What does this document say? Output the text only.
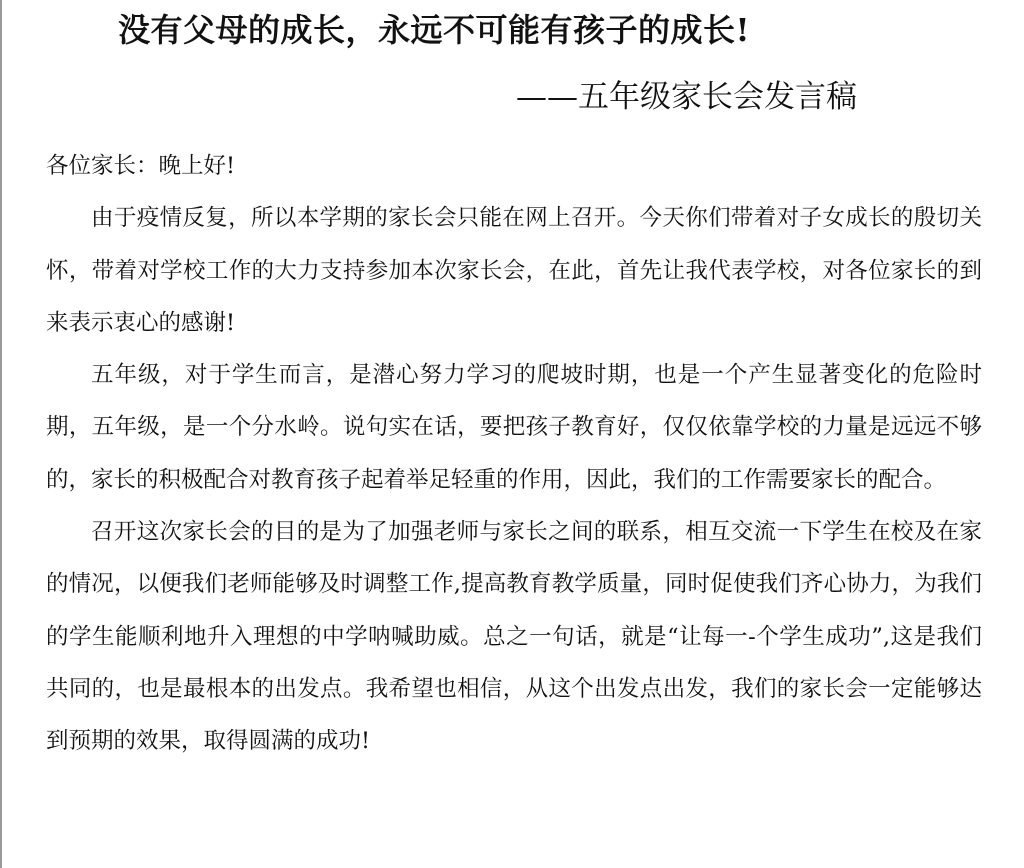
没有父母的成长，永远不可能有孩子的成长!
——五年级家长会发言稿

各位家长：晚上好!

由于疫情反复，所以本学期的家长会只能在网上召开。今天你们带着对子女成长的殷切关怀，带着对学校工作的大力支持参加本次家长会，在此，首先让我代表学校，对各位家长的到来表示衷心的感谢!

五年级，对于学生而言，是潜心努力学习的爬坡时期，也是一个产生显著变化的危险时期，五年级，是一个分水岭。说句实在话，要把孩子教育好，仅仅依靠学校的力量是远远不够的，家长的积极配合对教育孩子起着举足轻重的作用，因此，我们的工作需要家长的配合。

召开这次家长会的目的是为了加强老师与家长之间的联系，相互交流一下学生在校及在家的情况，以便我们老师能够及时调整工作,提高教育教学质量，同时促使我们齐心协力，为我们的学生能顺利地升入理想的中学呐喊助威。总之一句话，就是“让每一-个学生成功”,这是我们共同的，也是最根本的出发点。我希望也相信，从这个出发点出发，我们的家长会一定能够达到预期的效果，取得圆满的成功!
